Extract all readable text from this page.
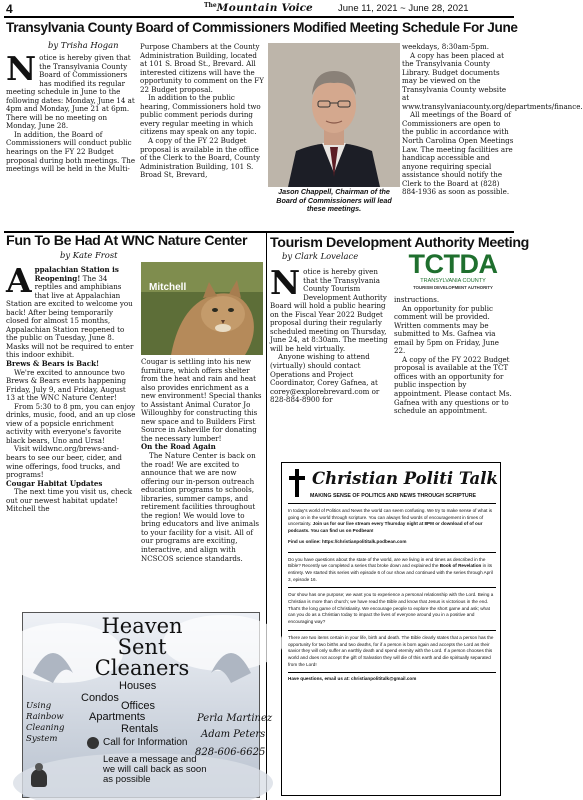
4	$^{The}$Mountain Voice	June 11, 2021 ~ June 28, 2021
Transylvania County Board of Commissioners Modified Meeting Schedule For June
by Trisha Hogan
N otice is hereby given that the Transylvania County Board of Commissioners has modified its regular meeting schedule in June to the following dates: Monday, June 14 at 4pm and Monday, June 21 at 6pm. There will be no meeting on Monday, June 28.

In addition, the Board of Commissioners will conduct public hearings on the FY 22 Budget proposal during both meetings. The meetings will be held in the Multi-

Purpose Chambers at the County Administration Building, located at 101 S. Broad St., Brevard. All interested citizens will have the opportunity to comment on the FY 22 Budget proposal.

In addition to the public hearing, Commissioners hold two public comment periods during every regular meeting in which citizens may speak on any topic.

A copy of the FY 22 Budget proposal is available in the office of the Clerk to the Board, County Administration Building, 101 S. Broad St, Brevard,

Jason Chappell, Chairman of the Board of Commissioners will lead these meetings.

weekdays, 8:30am-5pm.

A copy has been placed at the Transylvania County Library. Budget documents may be viewed on the Transylvania County website at www.transylvaniacounty.org/departments/finance.

All meetings of the Board of Commissioners are open to the public in accordance with North Carolina Open Meetings Law. The meeting facilities are handicap accessible and anyone requiring special assistance should notify the Clerk to the Board at (828) 884-1936 as soon as possible.

Fun To Be Had At WNC Nature Center
by Kate Frost
A ppalachian Station is Reopening! The 34 reptiles and amphibians that live at Appalachian Station are excited to welcome you back! After being temporarily closed for almost 15 months, Appalachian Station reopened to the public on Tuesday, June 8. Masks will not be required to enter this indoor exhibit.

Brews & Bears is Back!

We're excited to announce two Brews & Bears events happening Friday, July 9, and Friday, August 13 at the WNC Nature Center!

From 5:30 to 8 pm, you can enjoy drinks, music, food, and an up close view of a popsicle enrichment activity with everyone's favorite black bears, Uno and Ursa!

Visit wildwnc.org/brews-and-bears to see our beer, cider, and wine offerings, food trucks, and programs!

Cougar Habitat Updates

The next time you visit us, check out our newest habitat update! Mitchell the

Mitchell

Cougar is settling into his new furniture, which offers shelter from the heat and rain and heat also provides enrichment as a new environment! Special thanks to Assistant Animal Curator Jo Willoughby for constructing this new space and to Builders First Source in Asheville for donating the necessary lumber!

On the Road Again

The Nature Center is back on the road! We are excited to announce that we are now offering our in-person outreach education programs to schools, libraries, summer camps, and retirement facilities throughout the region! We would love to bring educators and live animals to your facility for a visit. All of our programs are exciting, interactive, and align with NCSCOS science standards.

Tourism Development Authority Meeting
by Clark Lovelace
N otice is hereby given that the Transylvania County Tourism Development Authority Board will hold a public hearing on the Fiscal Year 2022 Budget proposal during their regularly scheduled meeting on Thursday, June 24, at 8:30am. The meeting will be held virtually.

Anyone wishing to attend (virtually) should contact Operations and Project Coordinator, Corey Gafnea, at corey@explorebrevard.com or 828-884-8900 for

TCTDA
TRANSYLVANIA COUNTY
TOURISM DEVELOPMENT AUTHORITY

instructions.

An opportunity for public comment will be provided. Written comments may be submitted to Ms. Gafnea via email by 5pm on Friday, June 22.

A copy of the FY 2022 Budget proposal is available at the TCT offices with an opportunity for public inspection by appointment. Please contact Ms. Gafnea with any questions or to schedule an appointment.

Christian Politi Talk
MAKING SENSE OF POLITICS AND NEWS THROUGH SCRIPTURE

In today's world of Politics and News the world can seem confusing. We try to make sense of what is going on in the world through scripture. You can always find words of encouragement in times of uncertainty. Join us for our live stream every Thursday night at 8PM or download of of our podcasts. You can find us on Podbean!

Find us online: https://christianpolititalk.podbean.com

Do you have questions about the state of the world, are we living in end times as described in the Bible? Recently we completed a series that broke down and explained the Book of Revelation in its entirety. We started this series with episode 6 of our show and continued with the series through April 3, episode 16.

Our show has one purpose; we want you to experience a personal relationship with the Lord. Being a Christian is more than church; we have read the Bible and know that Jesus is victorious in the end. That's the long game of Christianity. We encourage people to explore the short game and ask; what can you do as a Christian today to impact the lives of everyone around you in a positive and encouraging way?

There are two items certain in your life, birth and death. The Bible clearly states that a person has the opportunity for two births and two deaths, for if a person is born again and accepts the Lord as their savior they will only suffer an earthly death and spend eternity with the Lord. If a person chooses this world and does not accept the gift of Salvation they will die of this earth and die spiritually separated from the Lord!

Have questions, email us at: christianpolititalk@gmail.com

Heaven
Sent
Cleaners
Houses
Condos
Offices
Apartments
Rentals
Using
Rainbow
Cleaning
System	Call for Information
Leave a message and we will call back as soon as possible
Perla Martinez
Adam Peters
828-606-6625
